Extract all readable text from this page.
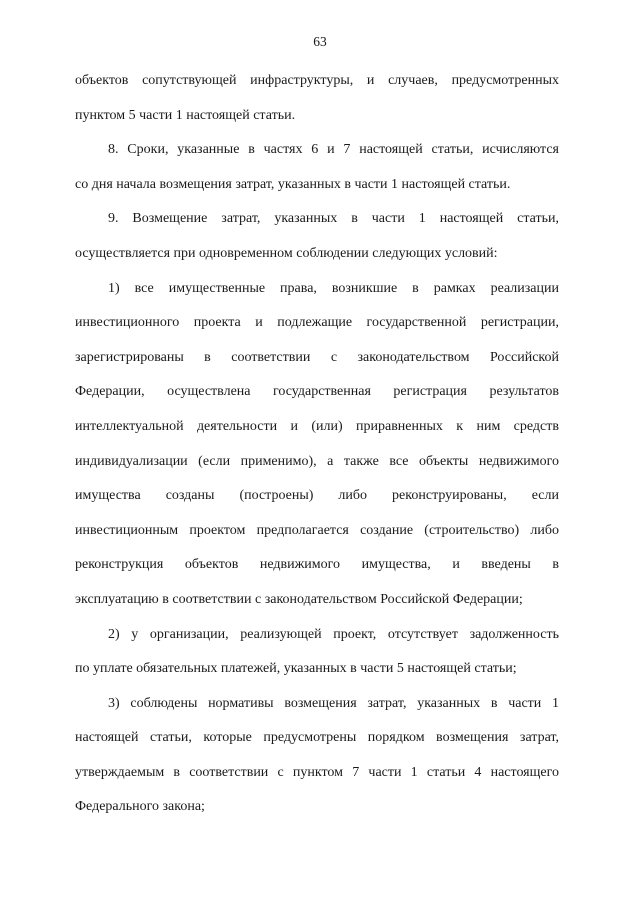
63
объектов сопутствующей инфраструктуры, и случаев, предусмотренных
пунктом 5 части 1 настоящей статьи.
8. Сроки, указанные в частях 6 и 7 настоящей статьи, исчисляются
со дня начала возмещения затрат, указанных в части 1 настоящей статьи.
9. Возмещение затрат, указанных в части 1 настоящей статьи,
осуществляется при одновременном соблюдении следующих условий:
1) все имущественные права, возникшие в рамках реализации
инвестиционного проекта и подлежащие государственной регистрации,
зарегистрированы в соответствии с законодательством Российской
Федерации, осуществлена государственная регистрация результатов
интеллектуальной деятельности и (или) приравненных к ним средств
индивидуализации (если применимо), а также все объекты недвижимого
имущества созданы (построены) либо реконструированы, если
инвестиционным проектом предполагается создание (строительство) либо
реконструкция объектов недвижимого имущества, и введены в
эксплуатацию в соответствии с законодательством Российской Федерации;
2) у организации, реализующей проект, отсутствует задолженность
по уплате обязательных платежей, указанных в части 5 настоящей статьи;
3) соблюдены нормативы возмещения затрат, указанных в части 1
настоящей статьи, которые предусмотрены порядком возмещения затрат,
утверждаемым в соответствии с пунктом 7 части 1 статьи 4 настоящего
Федерального закона;
